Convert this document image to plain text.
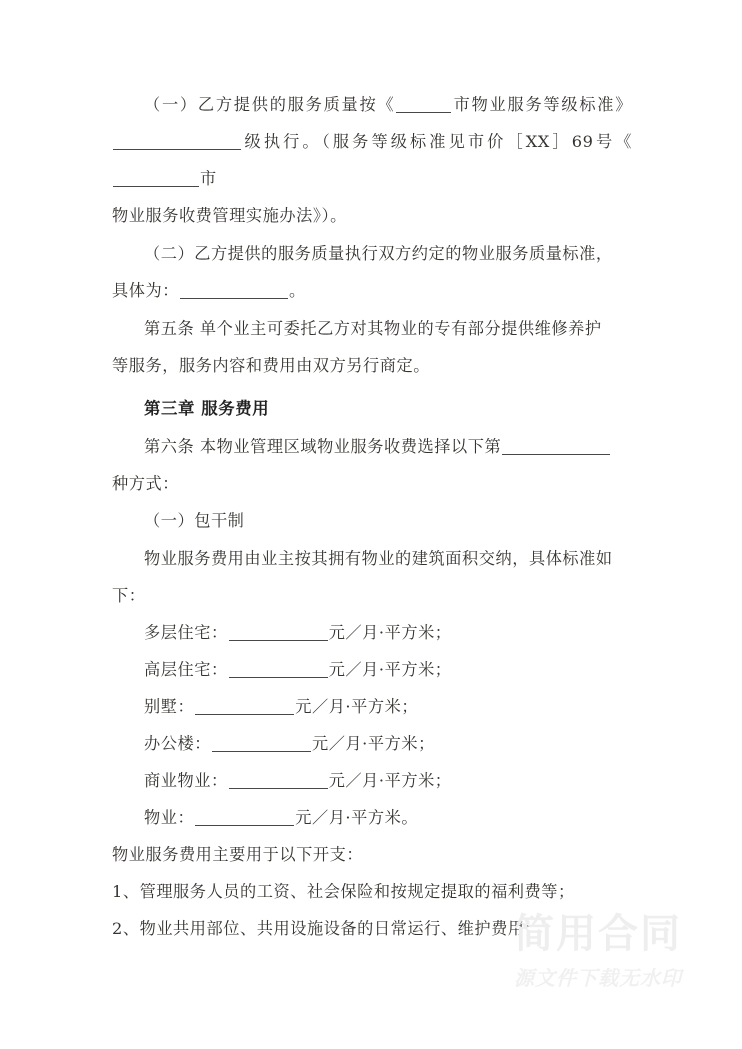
（一）乙方提供的服务质量按《	市物业服务等级标准》级执行。（服务等级标准见市价［XX］69号《市

物业服务收费管理实施办法》）。

（二）乙方提供的服务质量执行双方约定的物业服务质量标准，

具体为：	。

第五条 单个业主可委托乙方对其物业的专有部分提供维修养护

等服务，服务内容和费用由双方另行商定。

第三章 服务费用

第六条 本物业管理区域物业服务收费选择以下第

种方式：

（一）包干制

物业服务费用由业主按其拥有物业的建筑面积交纳，具体标准如

下：

多层住宅：	元／月·平方米；

高层住宅：	元／月·平方米；

别墅：	元／月·平方米；

办公楼：	元／月·平方米；

商业物业：	元／月·平方米；

物业：	元／月·平方米。

物业服务费用主要用于以下开支：

1、管理服务人员的工资、社会保险和按规定提取的福利费等；

2、物业共用部位、共用设施设备的日常运行、维护费用；

简用合同
源文件下载无水印
